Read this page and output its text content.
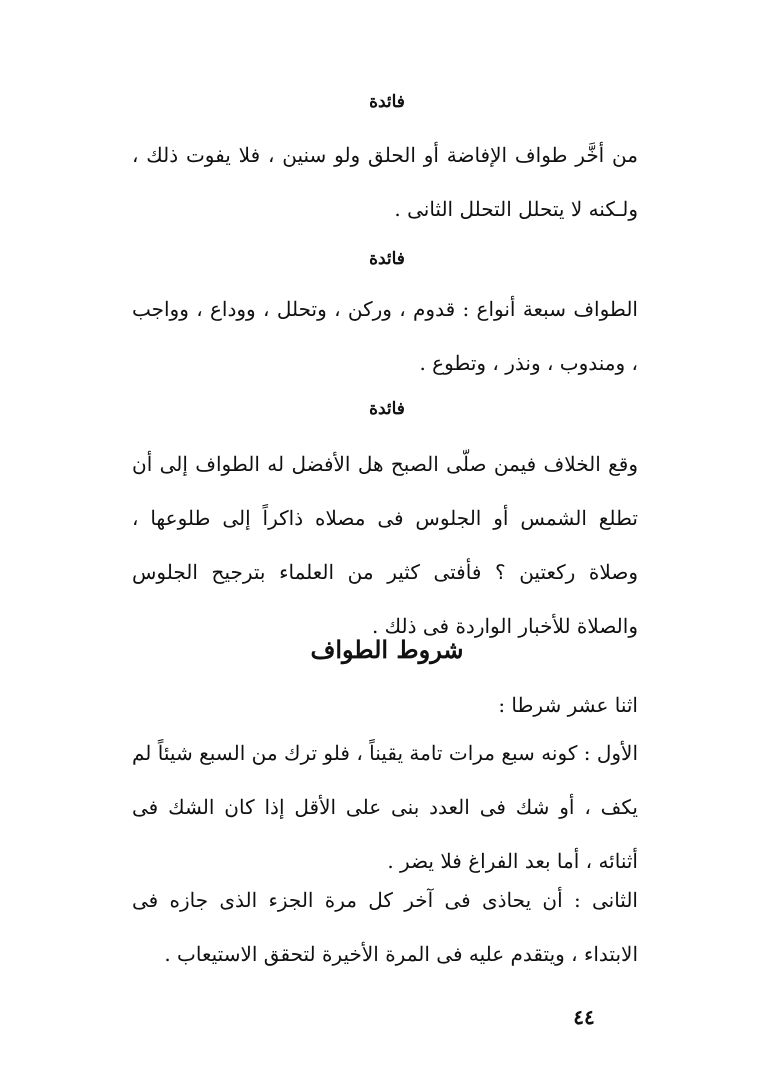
فائدة

من أخَّر طواف الإفاضة أو الحلق ولو سنين ، فلا يفوت ذلك ، ولـكنه لا يتحلل التحلل الثانى .

فائدة

الطواف سبعة أنواع : قدوم ، وركن ، وتحلل ، ووداع ، وواجب ، ومندوب ، ونذر ، وتطوع .

فائدة

وقع الخلاف فيمن صلّى الصبح هل الأفضل له الطواف إلى أن تطلع الشمس أو الجلوس فى مصلاه ذاكراً إلى طلوعها ، وصلاة ركعتين ؟ فأفتى كثير من العلماء بترجيح الجلوس والصلاة للأخبار الواردة فى ذلك .

شروط الطواف

اثنا عشر شرطا :

الأول : كونه سبع مرات تامة يقيناً ، فلو ترك من السبع شيئاً لم يكف ، أو شك فى العدد بنى على الأقل إذا كان الشك فى أثنائه ، أما بعد الفراغ فلا يضر .

الثانى : أن يحاذى فى آخر كل مرة الجزء الذى جازه فى الابتداء ، ويتقدم عليه فى المرة الأخيرة لتحقق الاستيعاب .

٤٤
